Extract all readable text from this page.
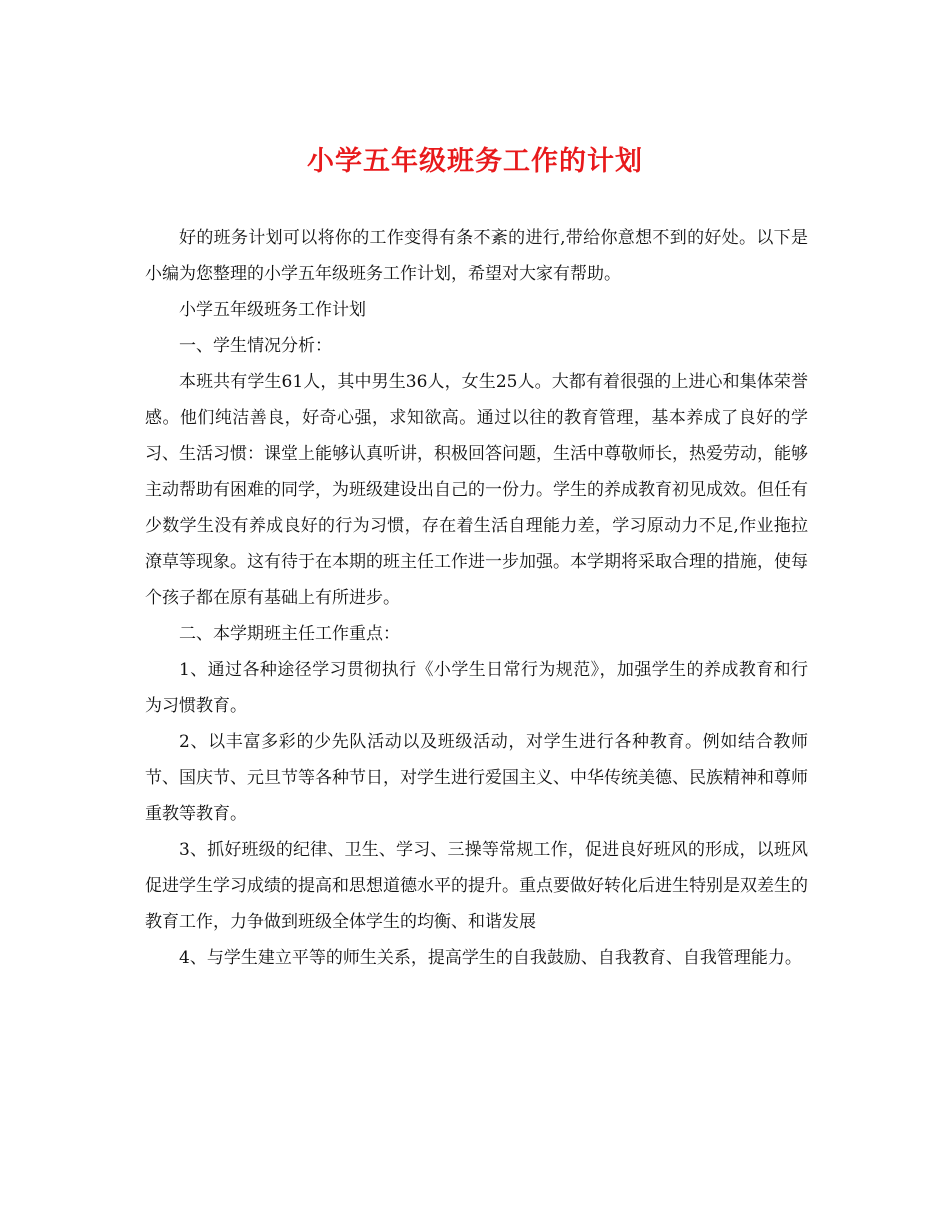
小学五年级班务工作的计划

好的班务计划可以将你的工作变得有条不紊的进行,带给你意想不到的好处。以下是小编为您整理的小学五年级班务工作计划，希望对大家有帮助。

小学五年级班务工作计划

一、学生情况分析：

本班共有学生61人，其中男生36人，女生25人。大都有着很强的上进心和集体荣誉感。他们纯洁善良，好奇心强，求知欲高。通过以往的教育管理，基本养成了良好的学习、生活习惯：课堂上能够认真听讲，积极回答问题，生活中尊敬师长，热爱劳动，能够主动帮助有困难的同学，为班级建设出自己的一份力。学生的养成教育初见成效。但任有少数学生没有养成良好的行为习惯，存在着生活自理能力差，学习原动力不足,作业拖拉潦草等现象。这有待于在本期的班主任工作进一步加强。本学期将采取合理的措施，使每个孩子都在原有基础上有所进步。

二、本学期班主任工作重点：

1、通过各种途径学习贯彻执行《小学生日常行为规范》，加强学生的养成教育和行为习惯教育。

2、以丰富多彩的少先队活动以及班级活动，对学生进行各种教育。例如结合教师节、国庆节、元旦节等各种节日，对学生进行爱国主义、中华传统美德、民族精神和尊师重教等教育。

3、抓好班级的纪律、卫生、学习、三操等常规工作，促进良好班风的形成，以班风促进学生学习成绩的提高和思想道德水平的提升。重点要做好转化后进生特别是双差生的教育工作，力争做到班级全体学生的均衡、和谐发展

4、与学生建立平等的师生关系，提高学生的自我鼓励、自我教育、自我管理能力。
